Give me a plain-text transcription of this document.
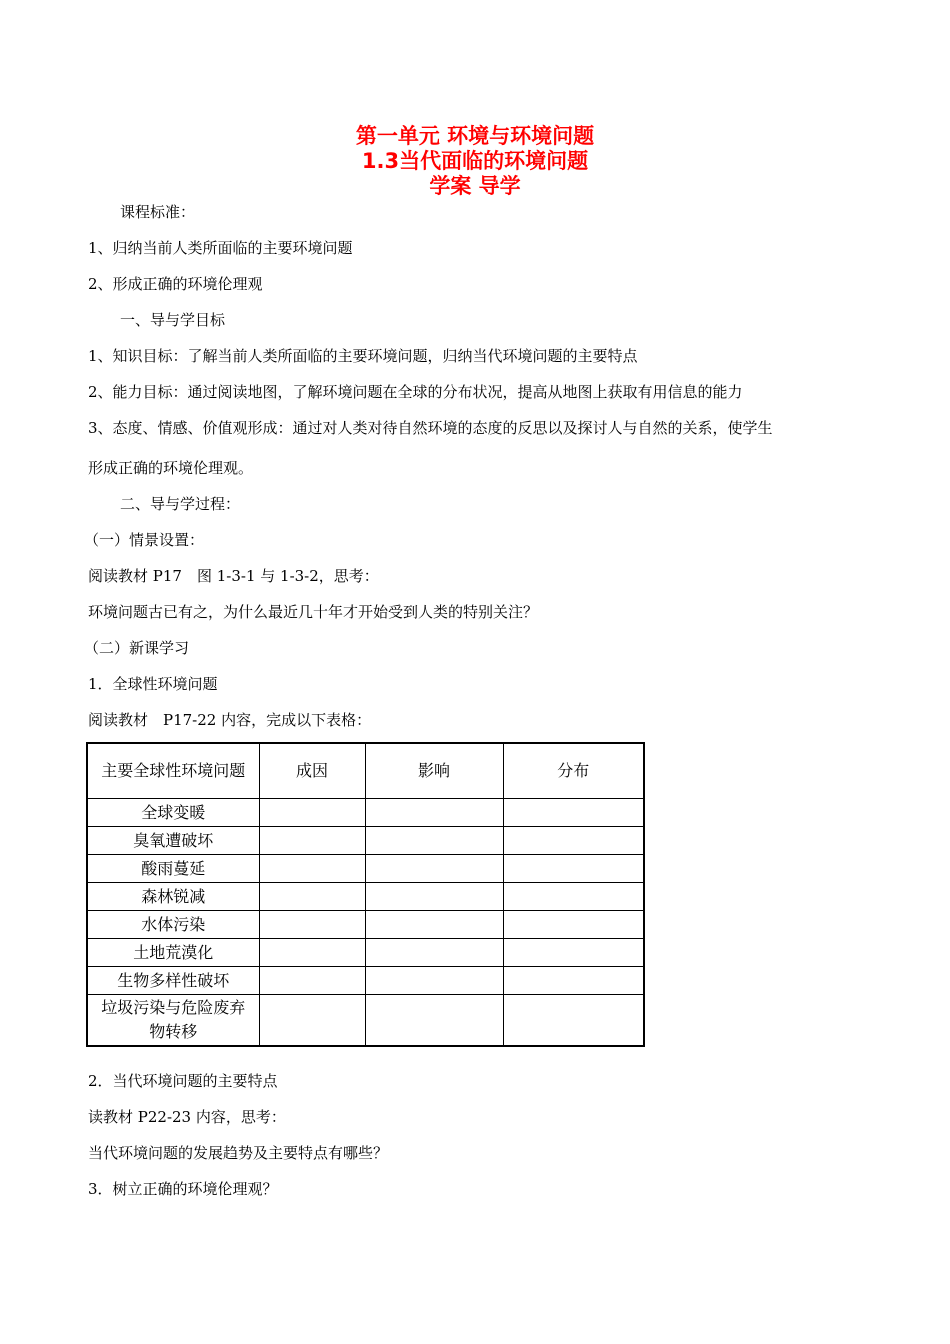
第一单元 环境与环境问题
1.3当代面临的环境问题
学案 导学
课程标准：
1、归纳当前人类所面临的主要环境问题
2、形成正确的环境伦理观
一、导与学目标
1、知识目标：了解当前人类所面临的主要环境问题，归纳当代环境问题的主要特点
2、能力目标：通过阅读地图，了解环境问题在全球的分布状况，提高从地图上获取有用信息的能力
3、态度、情感、价值观形成：通过对人类对待自然环境的态度的反思以及探讨人与自然的关系，使学生
形成正确的环境伦理观。
二、导与学过程：
（一）情景设置：
阅读教材 P17　图 1-3-1 与 1-3-2，思考：
环境问题古已有之，为什么最近几十年才开始受到人类的特别关注？
（二）新课学习
1．全球性环境问题
阅读教材　P17-22 内容，完成以下表格：
主要全球性环境问题	成因	影响	分布
全球变暖			
臭氧遭破坏			
酸雨蔓延			
森林锐减			
水体污染			
土地荒漠化			
生物多样性破坏			
垃圾污染与危险废弃物转移			
2．当代环境问题的主要特点
读教材 P22-23 内容，思考：
当代环境问题的发展趋势及主要特点有哪些？
3．树立正确的环境伦理观？
